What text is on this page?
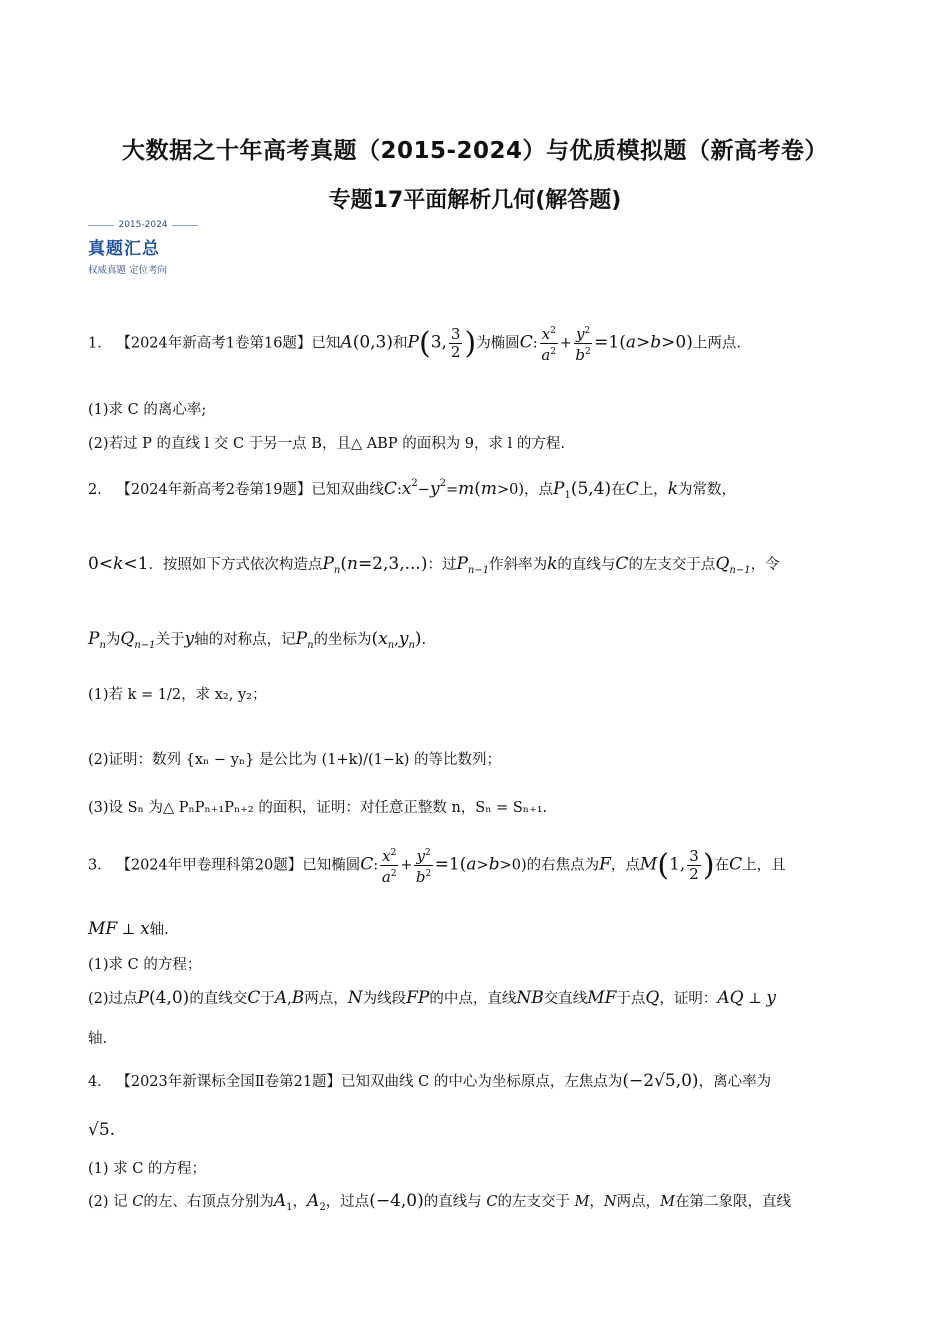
大数据之十年高考真题（2015-2024）与优质模拟题（新高考卷）
专题17平面解析几何(解答题)
2015-2024
真题汇总
权威真题 定位考向
1． 【2024年新高考1卷第16题】已知A(0,3)和P(3, $\frac{3}{2}$ )为椭圆C: $\frac{x^2}{a^2} + \frac{y^2}{b^2} =1(a>b>0)$上两点.
(1)求 C 的离心率;
(2)若过 P 的直线 l 交 C 于另一点 B，且△ ABP 的面积为 9，求 l 的方程.
2． 【2024年新高考2卷第19题】已知双曲线$C:x^2-y^2=m(m>0)$，点$P_1(5,4)$在C上，k为常数，
0<k<1．按照如下方式依次构造点$P_n(n=2,3,...)$：过$P_{n-1}$作斜率为k的直线与C的左支交于点$Q_{n-1}$，令
$P_n$为$Q_{n-1}$关于y轴的对称点，记$P_n$的坐标为$(x_n,y_n)$.
(1)若 k = 1/2，求 x₂, y₂；
(2)证明：数列 {xₙ − yₙ} 是公比为 (1+k)/(1−k) 的等比数列；
(3)设 Sₙ 为△ PₙPₙ₊₁Pₙ₊₂ 的面积，证明：对任意正整数 n，Sₙ = Sₙ₊₁.
3． 【2024年甲卷理科第20题】已知椭圆C: $\frac{x^2}{a^2} + \frac{y^2}{b^2} =1(a>b>0)$的右焦点为F，点M(1, $\frac{3}{2}$ )在C上，且
MF ⊥ x轴.
(1)求 C 的方程；
(2)过点P(4,0)的直线交C于A,B两点，N为线段FP的中点，直线NB交直线MF于点Q，证明：AQ ⊥ y
轴.
4． 【2023年新课标全国Ⅱ卷第21题】已知双曲线 C 的中心为坐标原点，左焦点为(−2√5,0)，离心率为
√5.
(1) 求 C 的方程；
(2) 记 C的左、右顶点分别为$A_1$，$A_2$，过点(−4,0)的直线与 C的左支交于 M，N两点，M在第二象限，直线
